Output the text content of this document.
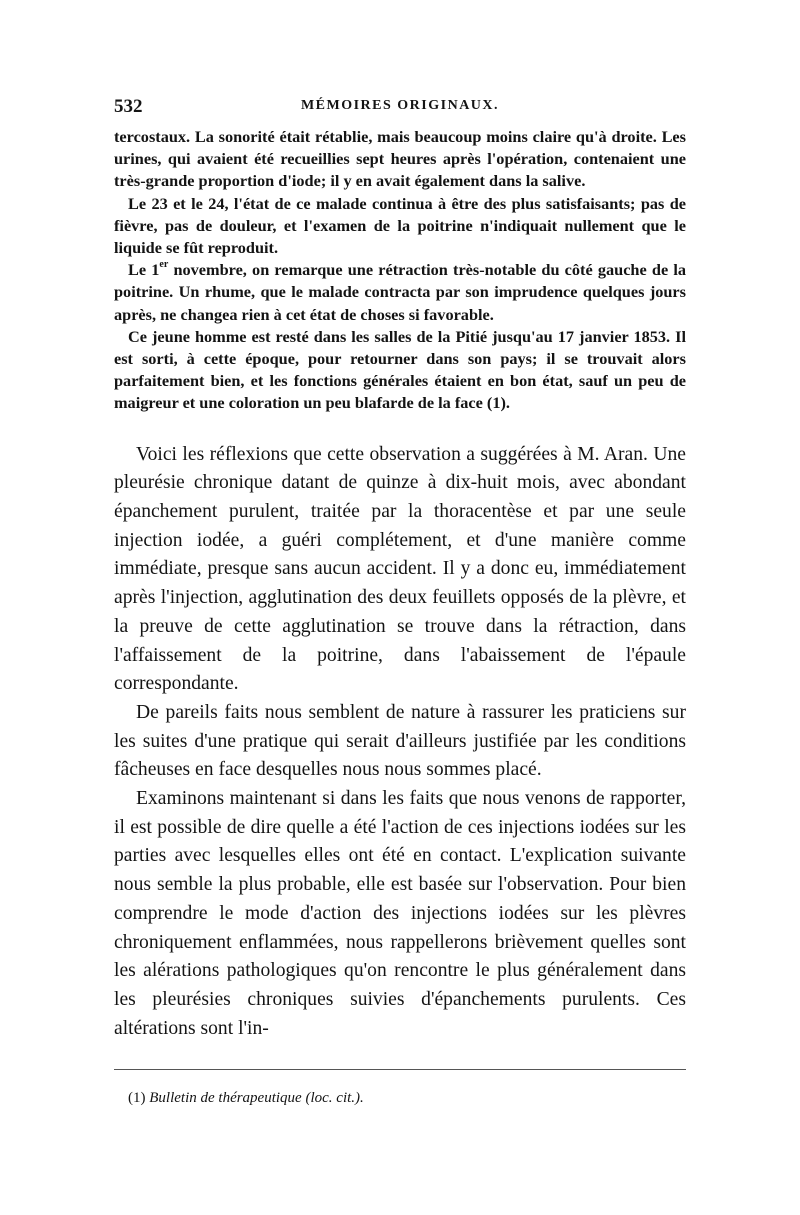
532	MÉMOIRES ORIGINAUX.

tercostaux. La sonorité était rétablie, mais beaucoup moins claire qu'à droite. Les urines, qui avaient été recueillies sept heures après l'opération, contenaient une très-grande proportion d'iode; il y en avait également dans la salive.

Le 23 et le 24, l'état de ce malade continua à être des plus satisfaisants; pas de fièvre, pas de douleur, et l'examen de la poitrine n'indiquait nullement que le liquide se fût reproduit.

Le 1er novembre, on remarque une rétraction très-notable du côté gauche de la poitrine. Un rhume, que le malade contracta par son imprudence quelques jours après, ne changea rien à cet état de choses si favorable.

Ce jeune homme est resté dans les salles de la Pitié jusqu'au 17 janvier 1853. Il est sorti, à cette époque, pour retourner dans son pays; il se trouvait alors parfaitement bien, et les fonctions générales étaient en bon état, sauf un peu de maigreur et une coloration un peu blafarde de la face (1).

Voici les réflexions que cette observation a suggérées à M. Aran. Une pleurésie chronique datant de quinze à dix-huit mois, avec abondant épanchement purulent, traitée par la thoracentèse et par une seule injection iodée, a guéri complétement, et d'une manière comme immédiate, presque sans aucun accident. Il y a donc eu, immédiatement après l'injection, agglutination des deux feuillets opposés de la plèvre, et la preuve de cette agglutination se trouve dans la rétraction, dans l'affaissement de la poitrine, dans l'abaissement de l'épaule correspondante.

De pareils faits nous semblent de nature à rassurer les praticiens sur les suites d'une pratique qui serait d'ailleurs justifiée par les conditions fâcheuses en face desquelles nous nous sommes placé.

Examinons maintenant si dans les faits que nous venons de rapporter, il est possible de dire quelle a été l'action de ces injections iodées sur les parties avec lesquelles elles ont été en contact. L'explication suivante nous semble la plus probable, elle est basée sur l'observation. Pour bien comprendre le mode d'action des injections iodées sur les plèvres chroniquement enflammées, nous rappellerons brièvement quelles sont les alérations pathologiques qu'on rencontre le plus généralement dans les pleurésies chroniques suivies d'épanchements purulents. Ces altérations sont l'in-

(1) Bulletin de thérapeutique (loc. cit.).
